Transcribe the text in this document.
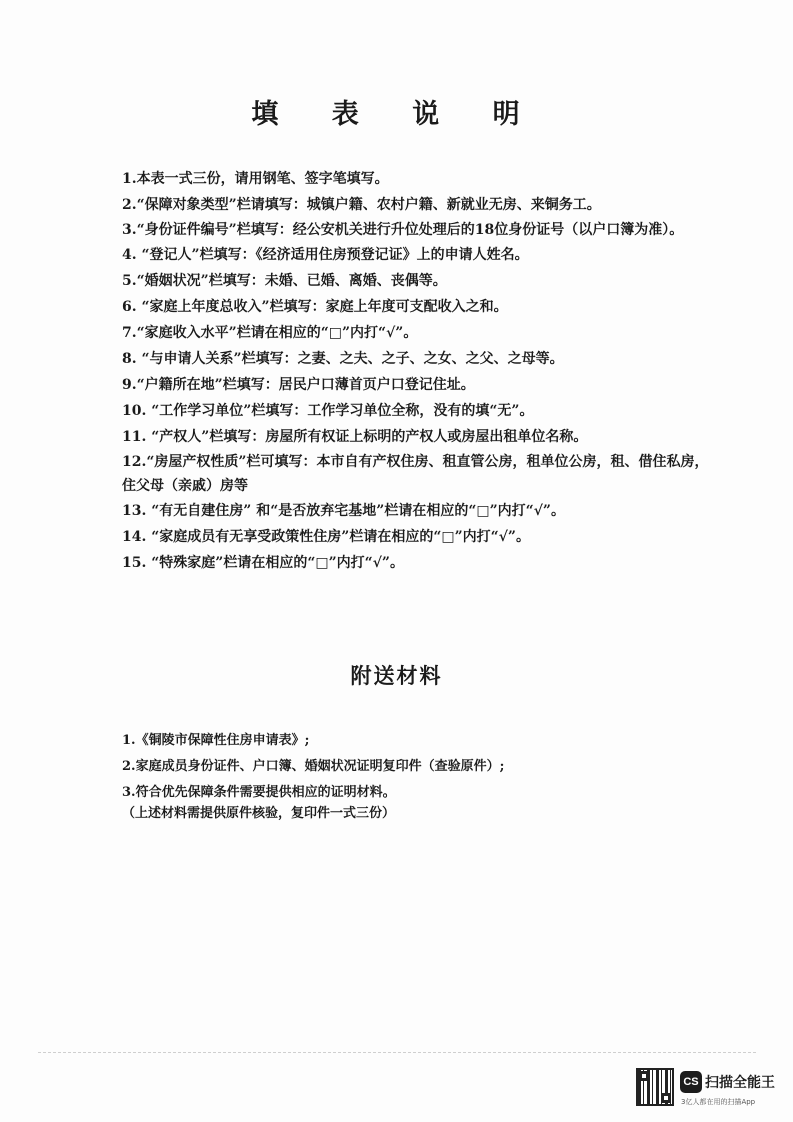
填 表 说 明
1.本表一式三份，请用钢笔、签字笔填写。
2.“保障对象类型”栏请填写：城镇户籍、农村户籍、新就业无房、来铜务工。
3.“身份证件编号”栏填写：经公安机关进行升位处理后的18位身份证号（以户口簿为准）。
4. “登记人”栏填写：《经济适用住房预登记证》上的申请人姓名。
5.“婚姻状况”栏填写：未婚、已婚、离婚、丧偶等。
6. “家庭上年度总收入”栏填写：家庭上年度可支配收入之和。
7.“家庭收入水平”栏请在相应的“□”内打“√”。
8. “与申请人关系”栏填写：之妻、之夫、之子、之女、之父、之母等。
9.“户籍所在地”栏填写：居民户口薄首页户口登记住址。
10. “工作学习单位”栏填写：工作学习单位全称，没有的填“无”。
11. “产权人”栏填写：房屋所有权证上标明的产权人或房屋出租单位名称。
12.“房屋产权性质”栏可填写：本市自有产权住房、租直管公房，租单位公房，租、借住私房，住父母（亲戚）房等
13. “有无自建住房” 和“是否放弃宅基地”栏请在相应的“□”内打“√”。
14. “家庭成员有无享受政策性住房”栏请在相应的“□”内打“√”。
15. “特殊家庭”栏请在相应的“□”内打“√”。
附送材料
1.《铜陵市保障性住房申请表》;
2.家庭成员身份证件、户口簿、婚姻状况证明复印件（查验原件）;
3.符合优先保障条件需要提供相应的证明材料。

（上述材料需提供原件核验，复印件一式三份）

CS 扫描全能王
3亿人都在用的扫描App
